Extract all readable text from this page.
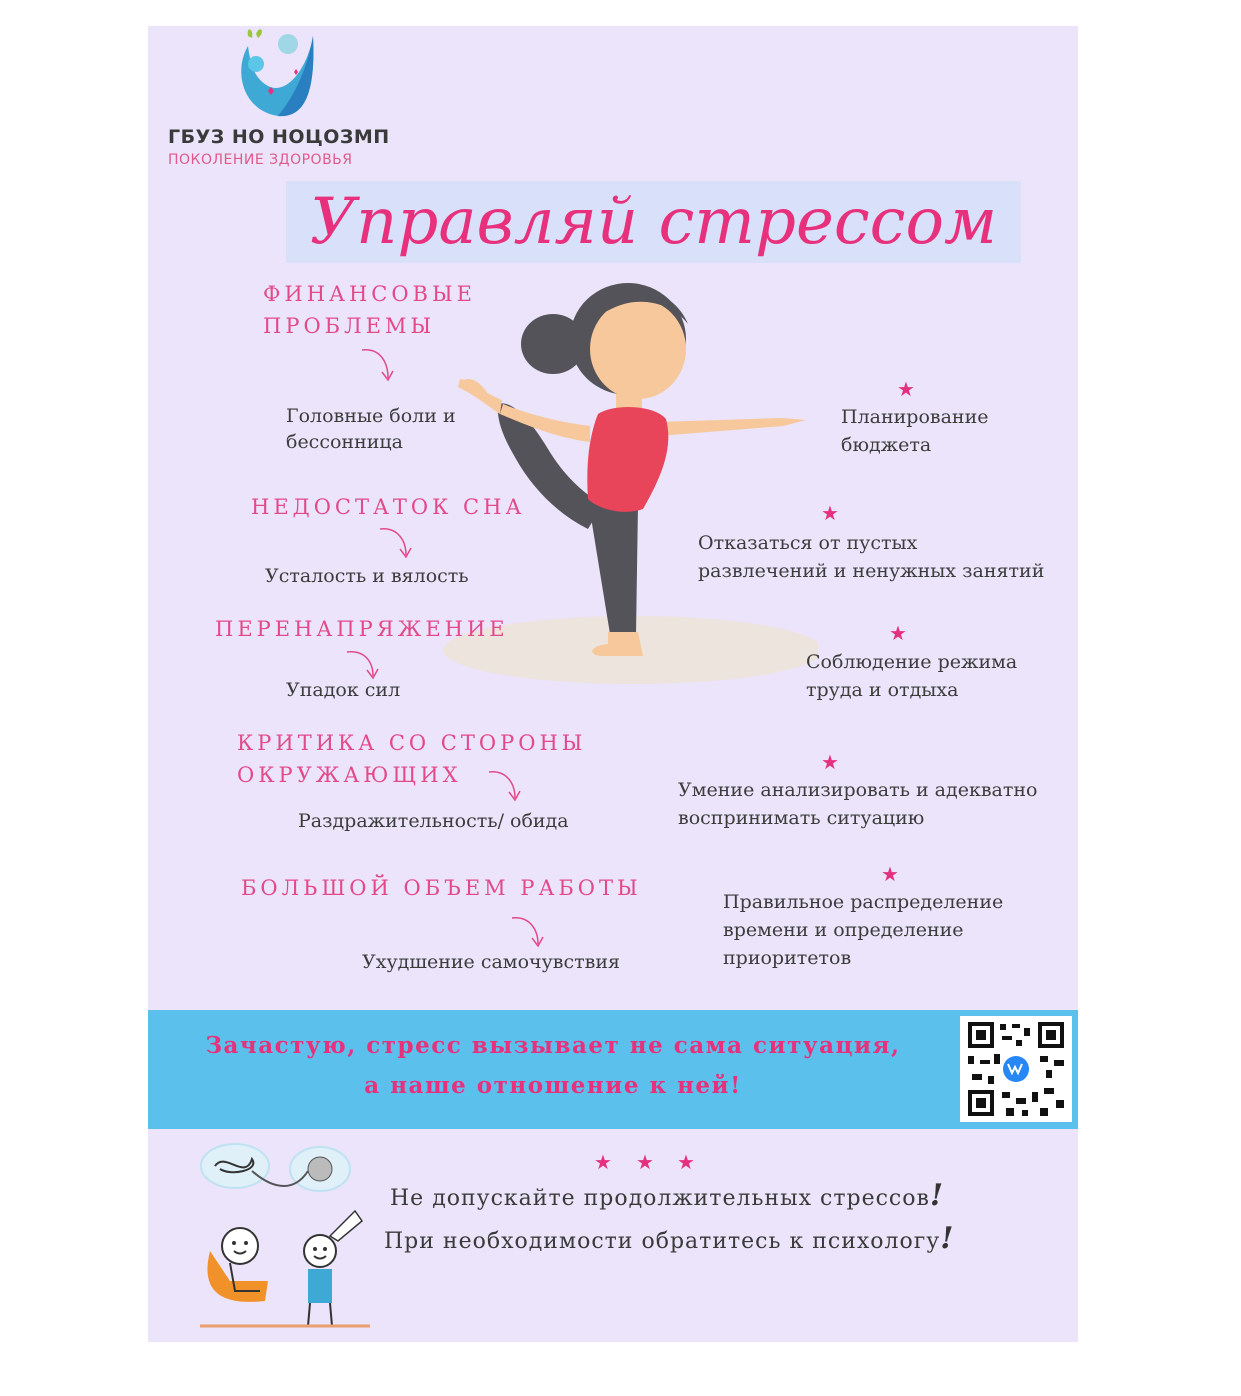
ГБУЗ НО НОЦОЗМП
ПОКОЛЕНИЕ ЗДОРОВЬЯ
Управляй стрессом
ФИНАНСОВЫЕ
ПРОБЛЕМЫ
Головные боли и
бессонница
НЕДОСТАТОК СНА
Усталость и вялость
ПЕРЕНАПРЯЖЕНИЕ
Упадок сил
КРИТИКА СО СТОРОНЫ
ОКРУЖАЮЩИХ
Раздражительность/ обида
БОЛЬШОЙ ОБЪЕМ РАБОТЫ
Ухудшение самочувствия
★
Планирование
бюджета
★
Отказаться от пустых
развлечений и ненужных занятий
★
Соблюдение режима
труда и отдыха
★
Умение анализировать и адекватно
воспринимать ситуацию
★
Правильное распределение
времени и определение
приоритетов
Зачастую, стресс вызывает не сама ситуация,
а наше отношение к ней!
★ ★ ★
Не допускайте продолжительных стрессов!
При необходимости обратитесь к психологу!
